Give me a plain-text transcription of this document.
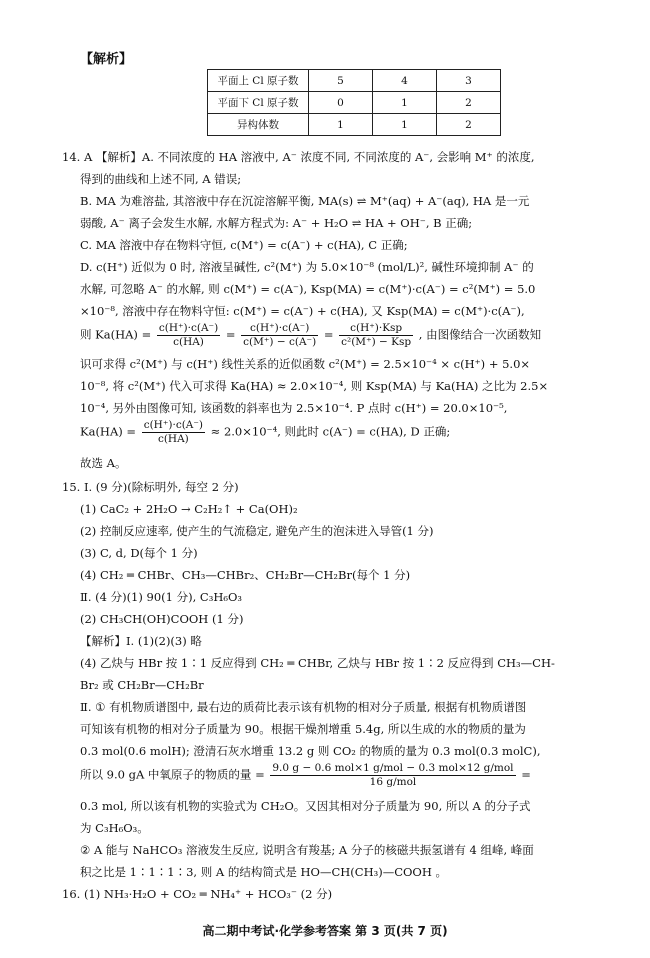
【解析】
平面上 Cl 原子数	5	4	3
平面下 Cl 原子数	0	1	2
异构体数	1	1	2
14. A 【解析】A. 不同浓度的 HA 溶液中, A⁻ 浓度不同, 不同浓度的 A⁻, 会影响 M⁺ 的浓度,
得到的曲线和上述不同, A 错误;
B. MA 为难溶盐, 其溶液中存在沉淀溶解平衡, MA(s) ⇌ M⁺(aq) + A⁻(aq), HA 是一元
弱酸, A⁻ 离子会发生水解, 水解方程式为: A⁻ + H₂O ⇌ HA + OH⁻, B 正确;
C. MA 溶液中存在物料守恒, c(M⁺) = c(A⁻) + c(HA), C 正确;
D. c(H⁺) 近似为 0 时, 溶液呈碱性, c²(M⁺) 为 5.0×10⁻⁸ (mol/L)², 碱性环境抑制 A⁻ 的
水解, 可忽略 A⁻ 的水解, 则 c(M⁺) = c(A⁻), Ksp(MA) = c(M⁺)·c(A⁻) = c²(M⁺) = 5.0
×10⁻⁸, 溶液中存在物料守恒: c(M⁺) = c(A⁻) + c(HA), 又 Ksp(MA) = c(M⁺)·c(A⁻),
则 $Ka(HA) = \frac{c(H^+)\cdot c(A^-)}{c(HA)} = \frac{c(H^+)\cdot c(A^-)}{c(M^+) - c(A^-)} = \frac{\text{c(H⁺)·Ksp}}{\text{c²(M⁺) − Ksp}}$ , 由图像结合一次函数知
识可求得 c²(M⁺) 与 c(H⁺) 线性关系的近似函数 c²(M⁺) = 2.5×10⁻⁴ × c(H⁺) + 5.0×
10⁻⁸, 将 c²(M⁺) 代入可求得 Ka(HA) ≈ 2.0×10⁻⁴, 则 Ksp(MA) 与 Ka(HA) 之比为 2.5×
10⁻⁴, 另外由图像可知, 该函数的斜率也为 2.5×10⁻⁴. P 点时 c(H⁺) = 20.0×10⁻⁵,
$Ka(HA) = \frac{c(H^+)\cdot c(A^-)}{c(HA)} \approx 2.0\times 10^{-4}$, 则此时 c(A⁻) = c(HA), D 正确;
故选 A。
15. Ⅰ. (9 分)(除标明外, 每空 2 分)
(1) CaC₂ + 2H₂O → C₂H₂↑ + Ca(OH)₂
(2) 控制反应速率, 使产生的气流稳定, 避免产生的泡沫进入导管(1 分)
(3) C, d, D(每个 1 分)
(4) CH₂ ═ CHBr、CH₃—CHBr₂、CH₂Br—CH₂Br(每个 1 分)
Ⅱ. (4 分)(1) 90(1 分), C₃H₆O₃
(2) CH₃CH(OH)COOH (1 分)
【解析】Ⅰ. (1)(2)(3) 略
(4) 乙炔与 HBr 按 1∶1 反应得到 CH₂ ═ CHBr, 乙炔与 HBr 按 1∶2 反应得到 CH₃—CH-
Br₂ 或 CH₂Br—CH₂Br
Ⅱ. ① 有机物质谱图中, 最右边的质荷比表示该有机物的相对分子质量, 根据有机物质谱图
可知该有机物的相对分子质量为 90。根据干燥剂增重 5.4g, 所以生成的水的物质的量为
0.3 mol(0.6 molH); 澄清石灰水增重 13.2 g 则 CO₂ 的物质的量为 0.3 mol(0.3 molC),
所以 9.0 gA 中氧原子的物质的量 = $\frac{\text{9.0 g − 0.6 mol×1 g/mol − 0.3 mol×12 g/mol}}{\text{16 g/mol}}$ =
0.3 mol, 所以该有机物的实验式为 CH₂O。又因其相对分子质量为 90, 所以 A 的分子式
为 C₃H₆O₃。
② A 能与 NaHCO₃ 溶液发生反应, 说明含有羧基; A 分子的核磁共振氢谱有 4 组峰, 峰面
积之比是 1∶1∶1∶3, 则 A 的结构简式是 HO—CH(CH₃)—COOH 。
16. (1) NH₃·H₂O + CO₂ ═ NH₄⁺ + HCO₃⁻ (2 分)
高二期中考试·化学参考答案 第 3 页(共 7 页)
